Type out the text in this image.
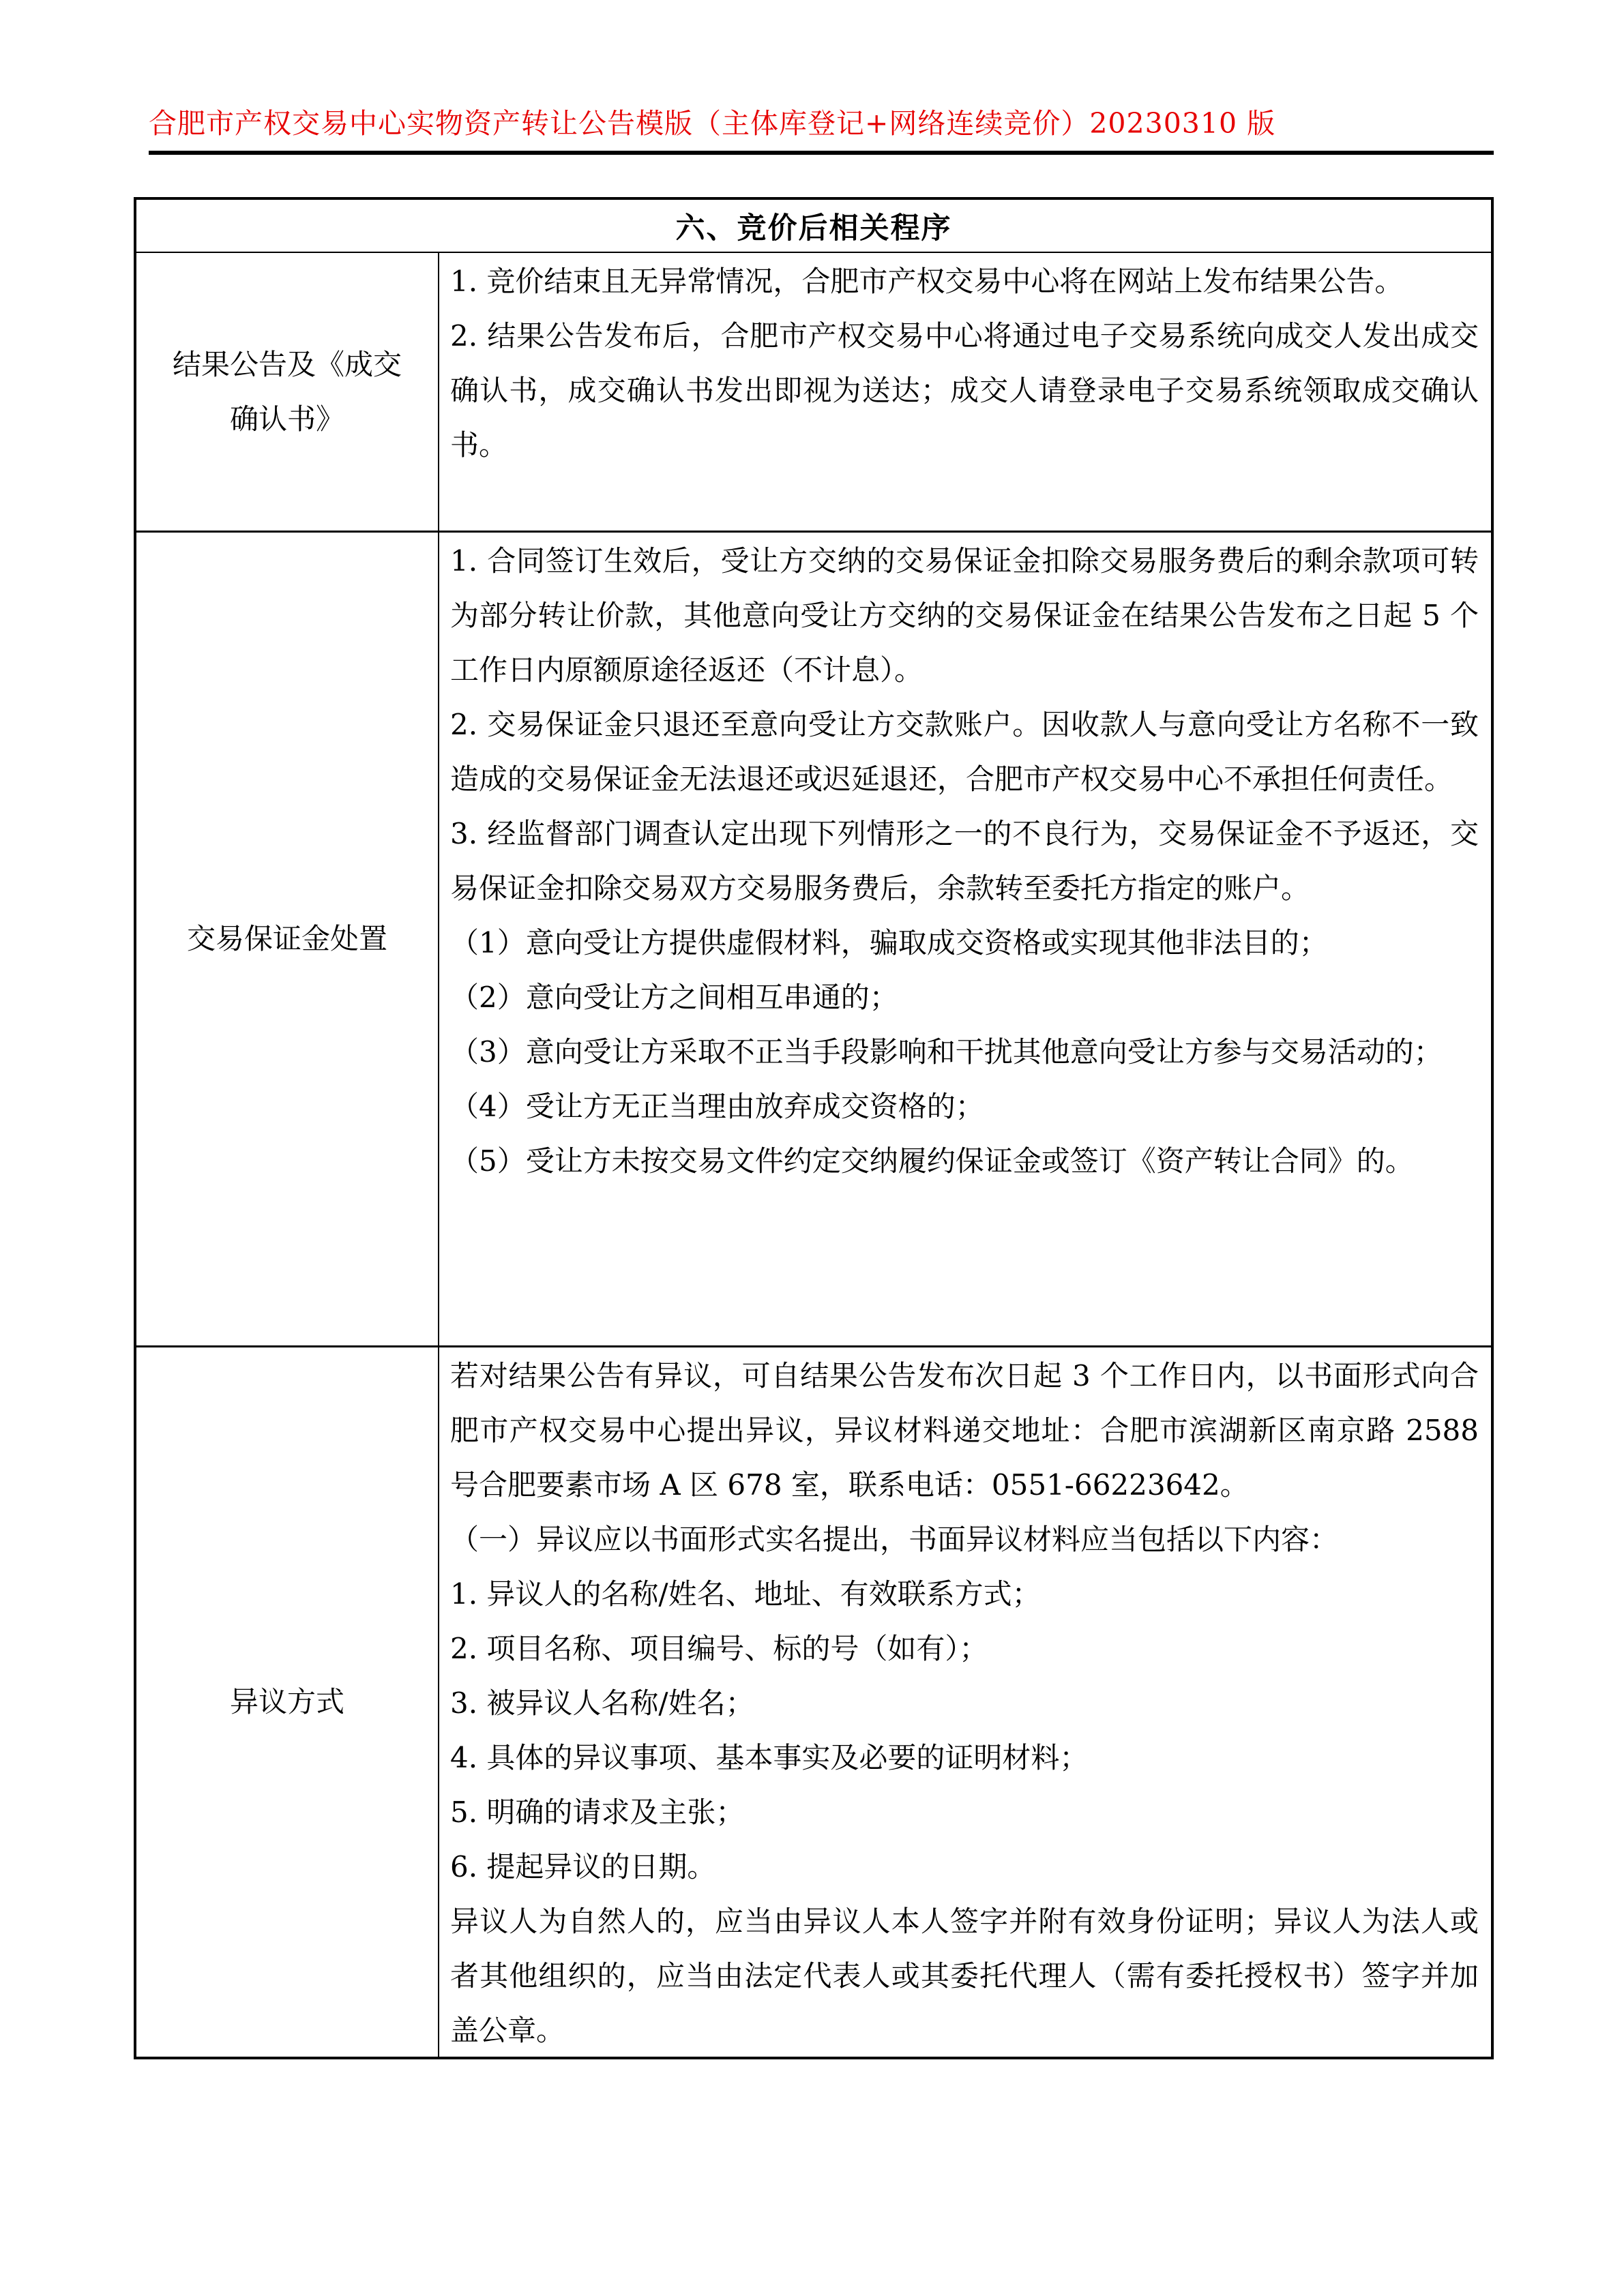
合肥市产权交易中心实物资产转让公告模版（主体库登记+网络连续竞价）20230310 版
六、竞价后相关程序
结果公告及《成交
确认书》

1. 竞价结束且无异常情况，合肥市产权交易中心将在网站上发布结果公告。

2. 结果公告发布后，合肥市产权交易中心将通过电子交易系统向成交人发出成交确认书，成交确认书发出即视为送达；成交人请登录电子交易系统领取成交确认书。

交易保证金处置

1. 合同签订生效后，受让方交纳的交易保证金扣除交易服务费后的剩余款项可转为部分转让价款，其他意向受让方交纳的交易保证金在结果公告发布之日起 5 个工作日内原额原途径返还（不计息）。

2. 交易保证金只退还至意向受让方交款账户。因收款人与意向受让方名称不一致造成的交易保证金无法退还或迟延退还，合肥市产权交易中心不承担任何责任。

3. 经监督部门调查认定出现下列情形之一的不良行为，交易保证金不予返还，交易保证金扣除交易双方交易服务费后，余款转至委托方指定的账户。

（1）意向受让方提供虚假材料，骗取成交资格或实现其他非法目的；

（2）意向受让方之间相互串通的；

（3）意向受让方采取不正当手段影响和干扰其他意向受让方参与交易活动的；

（4）受让方无正当理由放弃成交资格的；

（5）受让方未按交易文件约定交纳履约保证金或签订《资产转让合同》的。

异议方式

若对结果公告有异议，可自结果公告发布次日起 3 个工作日内，以书面形式向合肥市产权交易中心提出异议，异议材料递交地址：合肥市滨湖新区南京路 2588 号合肥要素市场 A 区 678 室，联系电话：0551-66223642。

（一）异议应以书面形式实名提出，书面异议材料应当包括以下内容：

1. 异议人的名称/姓名、地址、有效联系方式；

2. 项目名称、项目编号、标的号（如有）；

3. 被异议人名称/姓名；

4. 具体的异议事项、基本事实及必要的证明材料；

5. 明确的请求及主张；

6. 提起异议的日期。

异议人为自然人的，应当由异议人本人签字并附有效身份证明；异议人为法人或者其他组织的，应当由法定代表人或其委托代理人（需有委托授权书）签字并加盖公章。
